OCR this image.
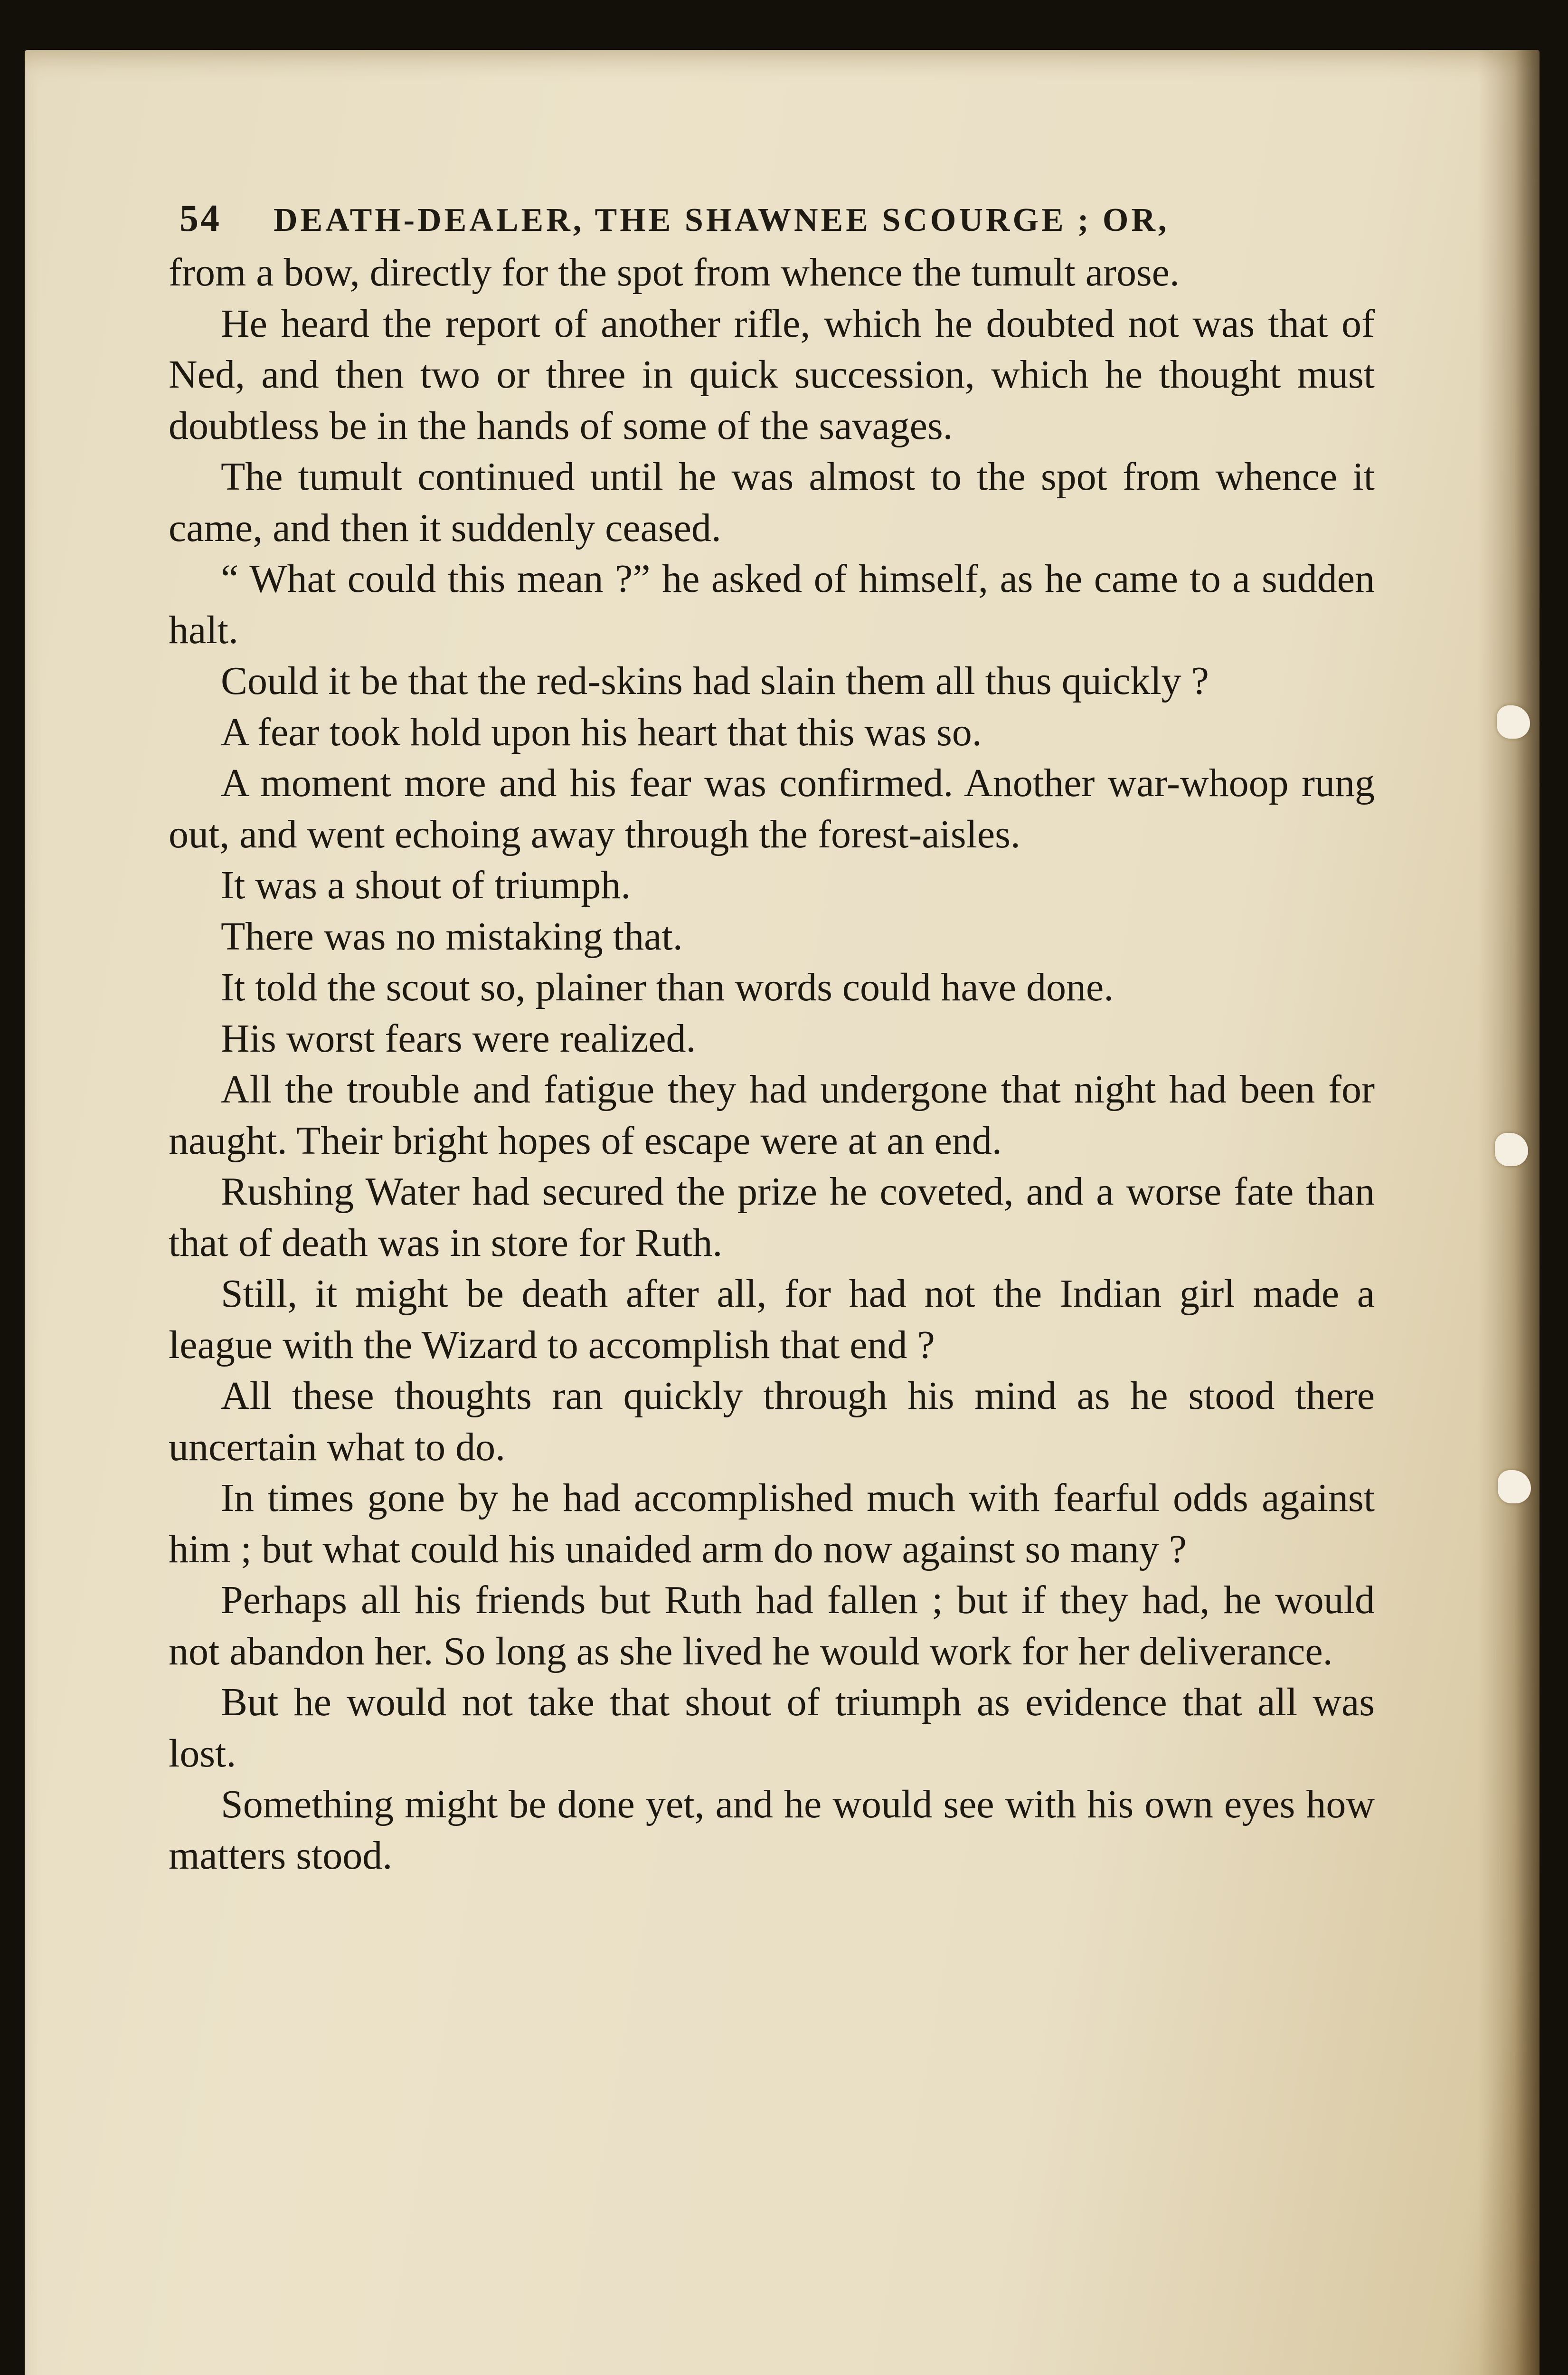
54 DEATH-DEALER, THE SHAWNEE SCOURGE ; OR,

from a bow, directly for the spot from whence the tumult arose.

He heard the report of another rifle, which he doubted not was that of Ned, and then two or three in quick succession, which he thought must doubtless be in the hands of some of the savages.

The tumult continued until he was almost to the spot from whence it came, and then it suddenly ceased.

“ What could this mean ?” he asked of himself, as he came to a sudden halt.

Could it be that the red-skins had slain them all thus quickly ?

A fear took hold upon his heart that this was so.

A moment more and his fear was confirmed. Another war-whoop rung out, and went echoing away through the forest-aisles.

It was a shout of triumph.

There was no mistaking that.

It told the scout so, plainer than words could have done.

His worst fears were realized.

All the trouble and fatigue they had undergone that night had been for naught. Their bright hopes of escape were at an end.

Rushing Water had secured the prize he coveted, and a worse fate than that of death was in store for Ruth.

Still, it might be death after all, for had not the Indian girl made a league with the Wizard to accomplish that end ?

All these thoughts ran quickly through his mind as he stood there uncertain what to do.

In times gone by he had accomplished much with fearful odds against him ; but what could his unaided arm do now against so many ?

Perhaps all his friends but Ruth had fallen ; but if they had, he would not abandon her. So long as she lived he would work for her deliverance.

But he would not take that shout of triumph as evidence that all was lost.

Something might be done yet, and he would see with his own eyes how matters stood.
